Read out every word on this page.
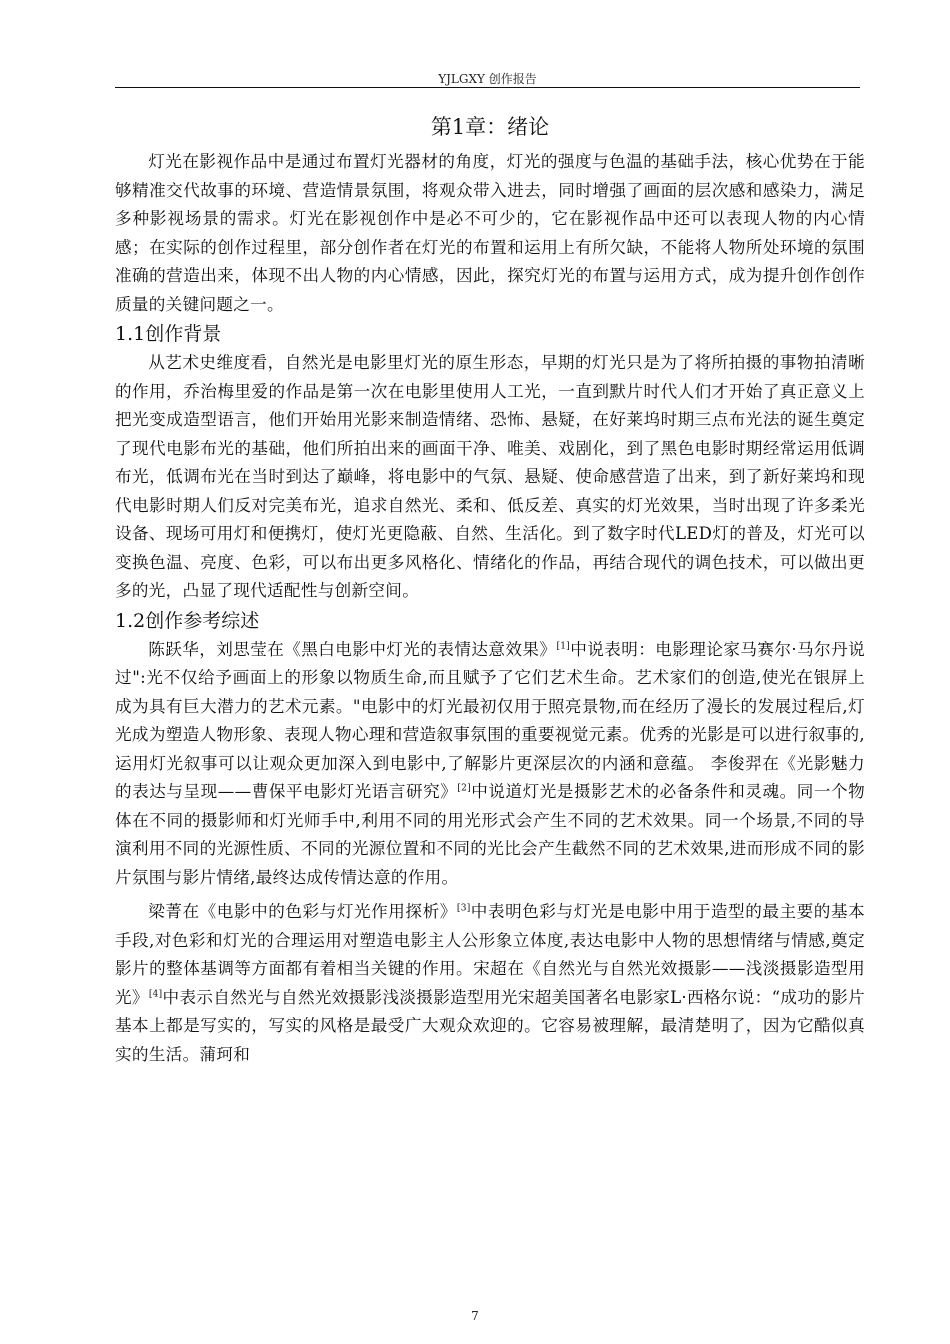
YJLGXY 创作报告
第1章：绪论

灯光在影视作品中是通过布置灯光器材的角度，灯光的强度与色温的基础手法，核心优势在于能够精准交代故事的环境、营造情景氛围，将观众带入进去，同时增强了画面的层次感和感染力，满足多种影视场景的需求。灯光在影视创作中是必不可少的，它在影视作品中还可以表现人物的内心情感；在实际的创作过程里，部分创作者在灯光的布置和运用上有所欠缺，不能将人物所处环境的氛围准确的营造出来，体现不出人物的内心情感，因此，探究灯光的布置与运用方式，成为提升创作创作质量的关键问题之一。

1.1创作背景

从艺术史维度看，自然光是电影里灯光的原生形态，早期的灯光只是为了将所拍摄的事物拍清晰的作用，乔治梅里爱的作品是第一次在电影里使用人工光，一直到默片时代人们才开始了真正意义上把光变成造型语言，他们开始用光影来制造情绪、恐怖、悬疑，在好莱坞时期三点布光法的诞生奠定了现代电影布光的基础，他们所拍出来的画面干净、唯美、戏剧化，到了黑色电影时期经常运用低调布光，低调布光在当时到达了巅峰，将电影中的气氛、悬疑、使命感营造了出来，到了新好莱坞和现代电影时期人们反对完美布光，追求自然光、柔和、低反差、真实的灯光效果，当时出现了许多柔光设备、现场可用灯和便携灯，使灯光更隐蔽、自然、生活化。到了数字时代LED灯的普及，灯光可以变换色温、亮度、色彩，可以布出更多风格化、情绪化的作品，再结合现代的调色技术，可以做出更多的光，凸显了现代适配性与创新空间。

1.2创作参考综述

陈跃华，刘思莹在《黑白电影中灯光的表情达意效果》[1]中说表明：电影理论家马赛尔·马尔丹说过":光不仅给予画面上的形象以物质生命,而且赋予了它们艺术生命。艺术家们的创造,使光在银屏上成为具有巨大潜力的艺术元素。"电影中的灯光最初仅用于照亮景物,而在经历了漫长的发展过程后,灯光成为塑造人物形象、表现人物心理和营造叙事氛围的重要视觉元素。优秀的光影是可以进行叙事的,运用灯光叙事可以让观众更加深入到电影中,了解影片更深层次的内涵和意蕴。 李俊羿在《光影魅力的表达与呈现——曹保平电影灯光语言研究》[2]中说道灯光是摄影艺术的必备条件和灵魂。同一个物体在不同的摄影师和灯光师手中,利用不同的用光形式会产生不同的艺术效果。同一个场景,不同的导演利用不同的光源性质、不同的光源位置和不同的光比会产生截然不同的艺术效果,进而形成不同的影片氛围与影片情绪,最终达成传情达意的作用。

梁菁在《电影中的色彩与灯光作用探析》[3]中表明色彩与灯光是电影中用于造型的最主要的基本手段,对色彩和灯光的合理运用对塑造电影主人公形象立体度,表达电影中人物的思想情绪与情感,奠定影片的整体基调等方面都有着相当关键的作用。宋超在《自然光与自然光效摄影——浅淡摄影造型用光》[4]中表示自然光与自然光效摄影浅淡摄影造型用光宋超美国著名电影家L·西格尔说：“成功的影片基本上都是写实的，写实的风格是最受广大观众欢迎的。它容易被理解，最清楚明了，因为它酷似真实的生活。蒲珂和

7
